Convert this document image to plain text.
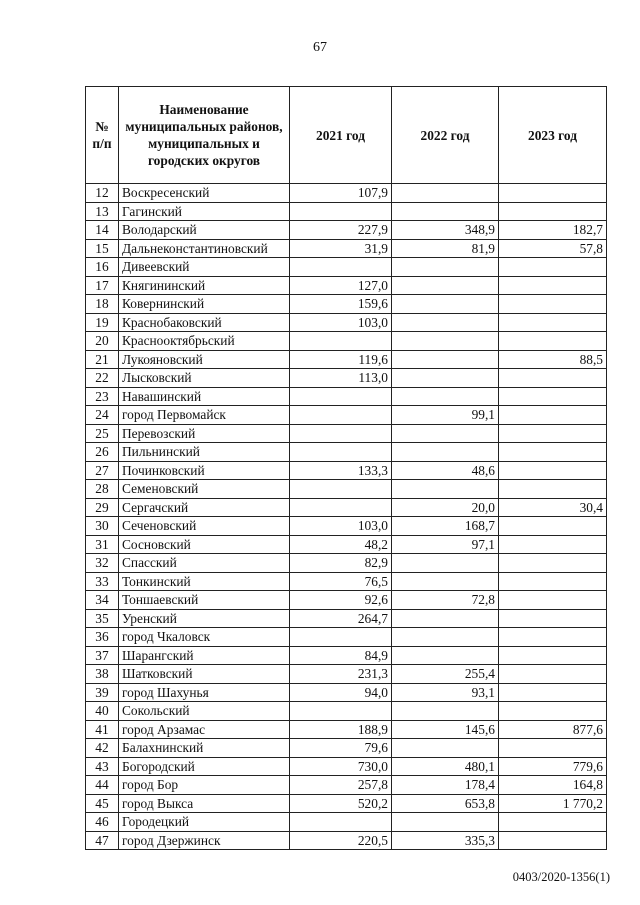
67
№ п/п	Наименование муниципальных районов, муниципальных и городских округов	2021 год	2022 год	2023 год
12	Воскресенский	107,9		
13	Гагинский			
14	Володарский	227,9	348,9	182,7
15	Дальнеконстантиновский	31,9	81,9	57,8
16	Дивеевский			
17	Княгининский	127,0		
18	Ковернинский	159,6		
19	Краснобаковский	103,0		
20	Краснооктябрьский			
21	Лукояновский	119,6		88,5
22	Лысковский	113,0		
23	Навашинский			
24	город Первомайск		99,1	
25	Перевозский			
26	Пильнинский			
27	Починковский	133,3	48,6	
28	Семеновский			
29	Сергачский		20,0	30,4
30	Сеченовский	103,0	168,7	
31	Сосновский	48,2	97,1	
32	Спасский	82,9		
33	Тонкинский	76,5		
34	Тоншаевский	92,6	72,8	
35	Уренский	264,7		
36	город Чкаловск			
37	Шарангский	84,9		
38	Шатковский	231,3	255,4	
39	город Шахунья	94,0	93,1	
40	Сокольский			
41	город Арзамас	188,9	145,6	877,6
42	Балахнинский	79,6		
43	Богородский	730,0	480,1	779,6
44	город Бор	257,8	178,4	164,8
45	город Выкса	520,2	653,8	1 770,2
46	Городецкий			
47	город Дзержинск	220,5	335,3	
0403/2020-1356(1)
